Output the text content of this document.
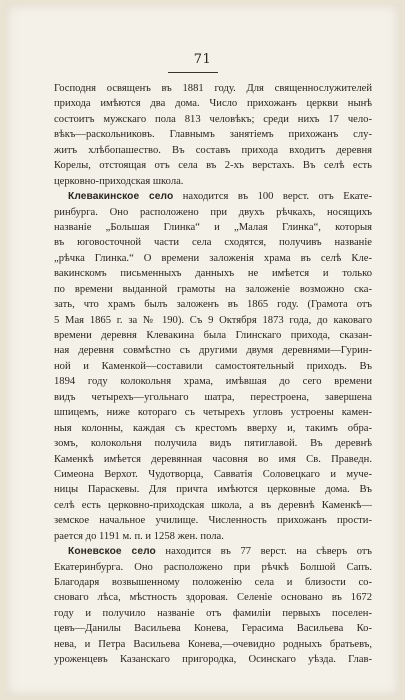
71
Господня освященъ въ 1881 году. Для священнослужителей
прихода имѣются два дома. Число прихожанъ церкви нынѣ
состоитъ мужскаго пола 813 человѣкъ; среди нихъ 17 чело-
вѣкъ—раскольниковъ. Главнымъ занятіемъ прихожанъ слу-
житъ хлѣбопашество. Въ составъ прихода входитъ деревня
Корелы, отстоящая отъ села въ 2-хъ верстахъ. Въ селѣ есть
церковно-приходская школа.
Клевакинское село находится въ 100 верст. отъ Екате-
ринбурга. Оно расположено при двухъ рѣчкахъ, носящихъ
названіе „Большая Глинка“ и „Малая Глинка“, которыя
въ юговосточной части села сходятся, получивъ названіе
„рѣчка Глинка.“ О времени заложенія храма въ селѣ Кле-
вакинскомъ письменныхъ данныхъ не имѣется и только
по времени выданной грамоты на заложеніе возможно ска-
зать, что храмъ былъ заложенъ въ 1865 году. (Грамота отъ
5 Мая 1865 г. за № 190). Съ 9 Октября 1873 года, до каковаго
времени деревня Клевакина была Глинскаго прихода, сказан-
ная деревня совмѣстно съ другими двумя деревнями—Гурин-
ной и Каменкой—составили самостоятельный приходъ. Въ
1894 году колокольня храма, имѣвшая до сего времени
видъ четырехъ—угольнаго шатра, перестроена, завершена
шпицемъ, ниже котораго съ четырехъ угловъ устроены камен-
ныя колонны, каждая съ крестомъ вверху и, такимъ обра-
зомъ, колокольня получила видъ пятиглавой. Въ деревнѣ
Каменкѣ имѣется деревянная часовня во имя Св. Праведн.
Симеона Верхот. Чудотворца, Савватія Соловецкаго и муче-
ницы Параскевы. Для причта имѣются церковные дома. Въ
селѣ есть церковно-приходская школа, а въ деревнѣ Каменкѣ—
земское начальное училище. Численность прихожанъ прости-
рается до 1191 м. п. и 1258 жен. пола.
Коневское село находится въ 77 верст. на сѣверъ отъ
Екатеринбурга. Оно расположено при рѣчкѣ Болшой Сапъ.
Благодаря возвышенному положенію села и близости со-
сноваго лѣса, мѣстность здоровая. Селеніе основано въ 1672
году и получило названіе отъ фамиліи первыхъ поселен-
цевъ—Данилы Васильева Конева, Герасима Васильева Ко-
нева, и Петра Васильева Конева,—очевидно родныхъ братьевъ,
уроженцевъ Казанскаго пригородка, Осинскаго уѣзда. Глав-
